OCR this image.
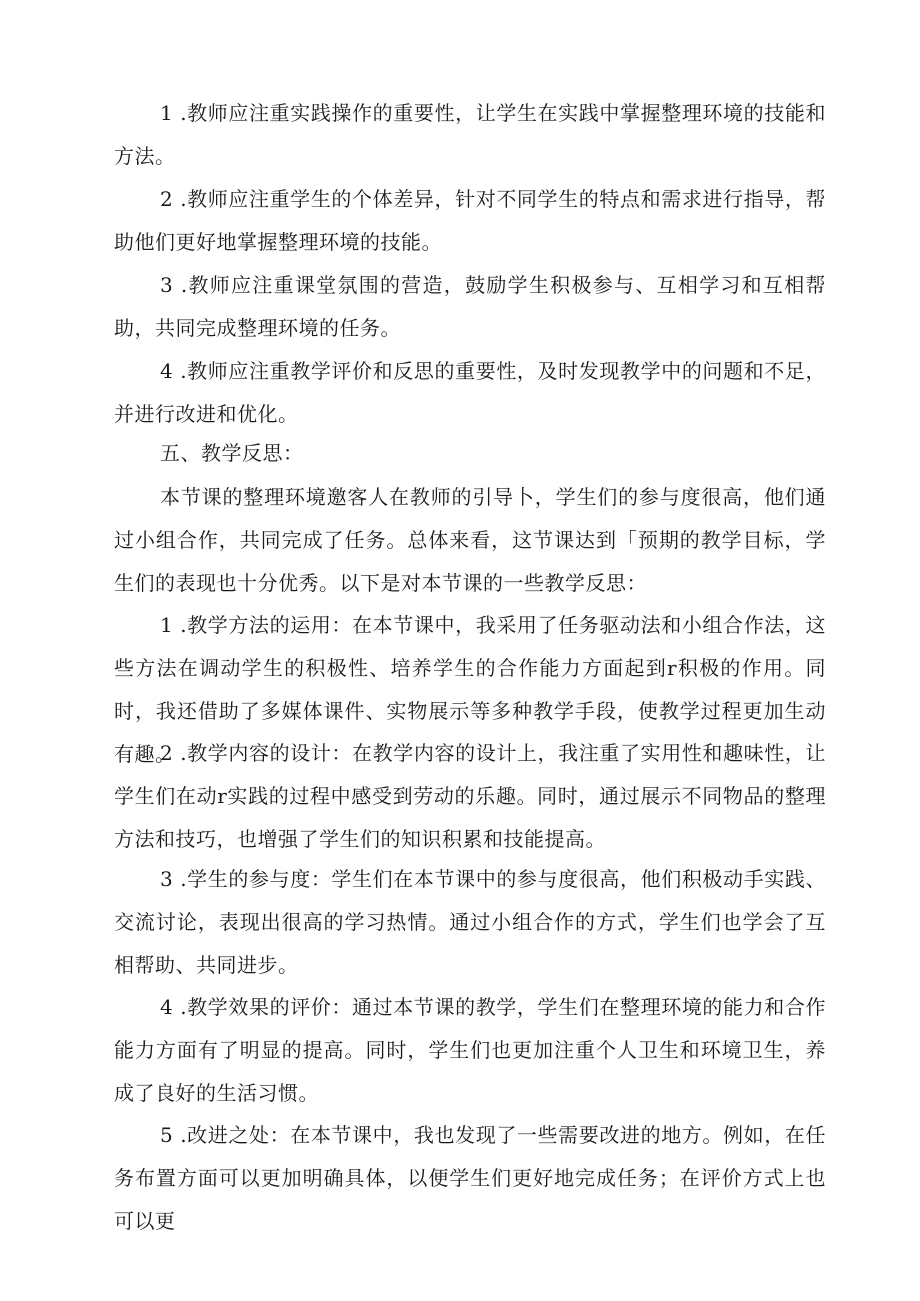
1 .教师应注重实践操作的重要性，让学生在实践中掌握整理环境的技能和方法。

2 .教师应注重学生的个体差异，针对不同学生的特点和需求进行指导，帮助他们更好地掌握整理环境的技能。

3 .教师应注重课堂氛围的营造，鼓励学生积极参与、互相学习和互相帮助，共同完成整理环境的任务。

4 .教师应注重教学评价和反思的重要性，及时发现教学中的问题和不足，并进行改进和优化。

五、教学反思：

本节课的整理环境邀客人在教师的引导卜，学生们的参与度很高，他们通过小组合作，共同完成了任务。总体来看，这节课达到「预期的教学目标，学生们的表现也十分优秀。以下是对本节课的一些教学反思：

1 .教学方法的运用：在本节课中，我采用了任务驱动法和小组合作法，这些方法在调动学生的积极性、培养学生的合作能力方面起到r积极的作用。同时，我还借助了多媒体课件、实物展示等多种教学手段，使教学过程更加生动有趣。

2 .教学内容的设计：在教学内容的设计上，我注重了实用性和趣味性，让学生们在动r实践的过程中感受到劳动的乐趣。同时，通过展示不同物品的整理方法和技巧，也增强了学生们的知识积累和技能提高。

3 .学生的参与度：学生们在本节课中的参与度很高，他们积极动手实践、交流讨论，表现出很高的学习热情。通过小组合作的方式，学生们也学会了互相帮助、共同进步。

4 .教学效果的评价：通过本节课的教学，学生们在整理环境的能力和合作能力方面有了明显的提高。同时，学生们也更加注重个人卫生和环境卫生，养成了良好的生活习惯。

5 .改进之处：在本节课中，我也发现了一些需要改进的地方。例如，在任务布置方面可以更加明确具体，以便学生们更好地完成任务；在评价方式上也可以更
